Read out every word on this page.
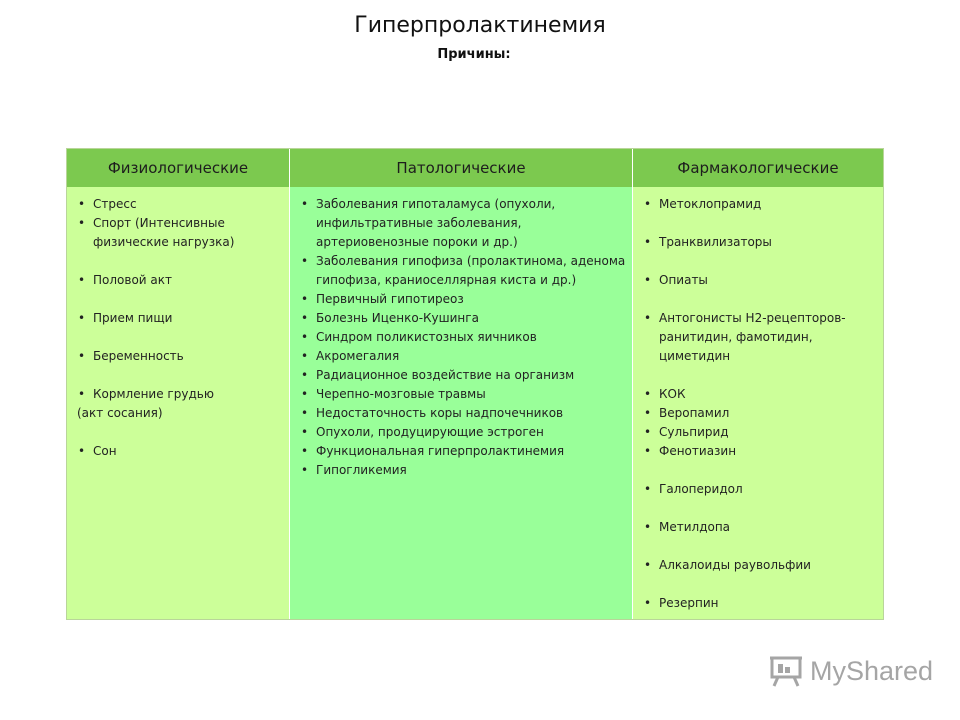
Гиперпролактинемия
Причины:
Физиологические	Патологические	Фармакологические
• Стресс
• Спорт (Интенсивные физические нагрузка)
• Половой акт
• Прием пищи
• Беременность
• Кормление грудью
(акт сосания)
• Сон
• Заболевания гипоталамуса (опухоли, инфильтративные заболевания, артериовенозные пороки и др.)
• Заболевания гипофиза (пролактинома, аденома гипофиза, краниоселлярная киста и др.)
• Первичный гипотиреоз
• Болезнь Иценко-Кушинга
• Синдром поликистозных яичников
• Акромегалия
• Радиационное воздействие на организм
• Черепно-мозговые травмы
• Недостаточность коры надпочечников
• Опухоли, продуцирующие эстроген
• Функциональная гиперпролактинемия
• Гипогликемия
• Метоклопрамид
• Транквилизаторы
• Опиаты
• Антогонисты Н2-рецепторов- ранитидин, фамотидин, циметидин
• КОК
• Веропамил
• Сульпирид
• Фенотиазин
• Галоперидол
• Метилдопа
• Алкалоиды раувольфии
• Резерпин
MyShared
